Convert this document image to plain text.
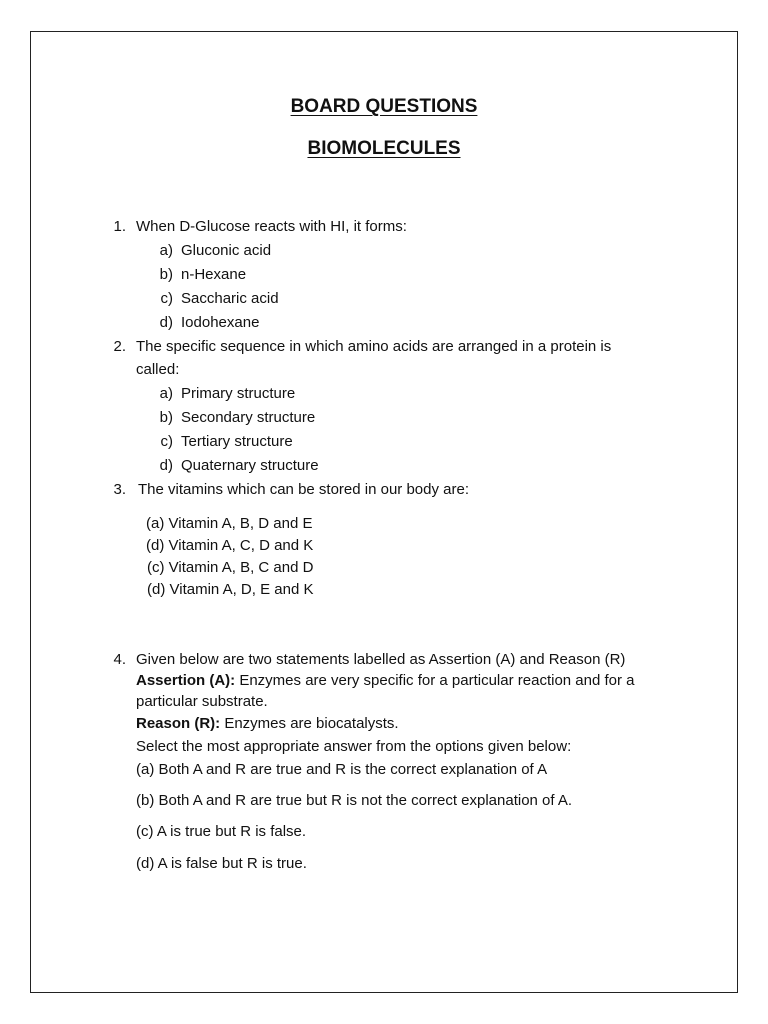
BOARD QUESTIONS
BIOMOLECULES
1. When D-Glucose reacts with HI, it forms:
a) Gluconic acid
b) n-Hexane
c) Saccharic acid
d) Iodohexane
2. The specific sequence in which amino acids are arranged in a protein is
called:
a) Primary structure
b) Secondary structure
c) Tertiary structure
d) Quaternary structure
3. The vitamins which can be stored in our body are:
(a) Vitamin A, B, D and E
(d) Vitamin A, C, D and K
(c) Vitamin A, B, C and D
(d) Vitamin A, D, E and K
4. Given below are two statements labelled as Assertion (A) and Reason (R)
Assertion (A): Enzymes are very specific for a particular reaction and for a
particular substrate.
Reason (R): Enzymes are biocatalysts.
Select the most appropriate answer from the options given below:
(a) Both A and R are true and R is the correct explanation of A
(b) Both A and R are true but R is not the correct explanation of A.
(c) A is true but R is false.
(d) A is false but R is true.
